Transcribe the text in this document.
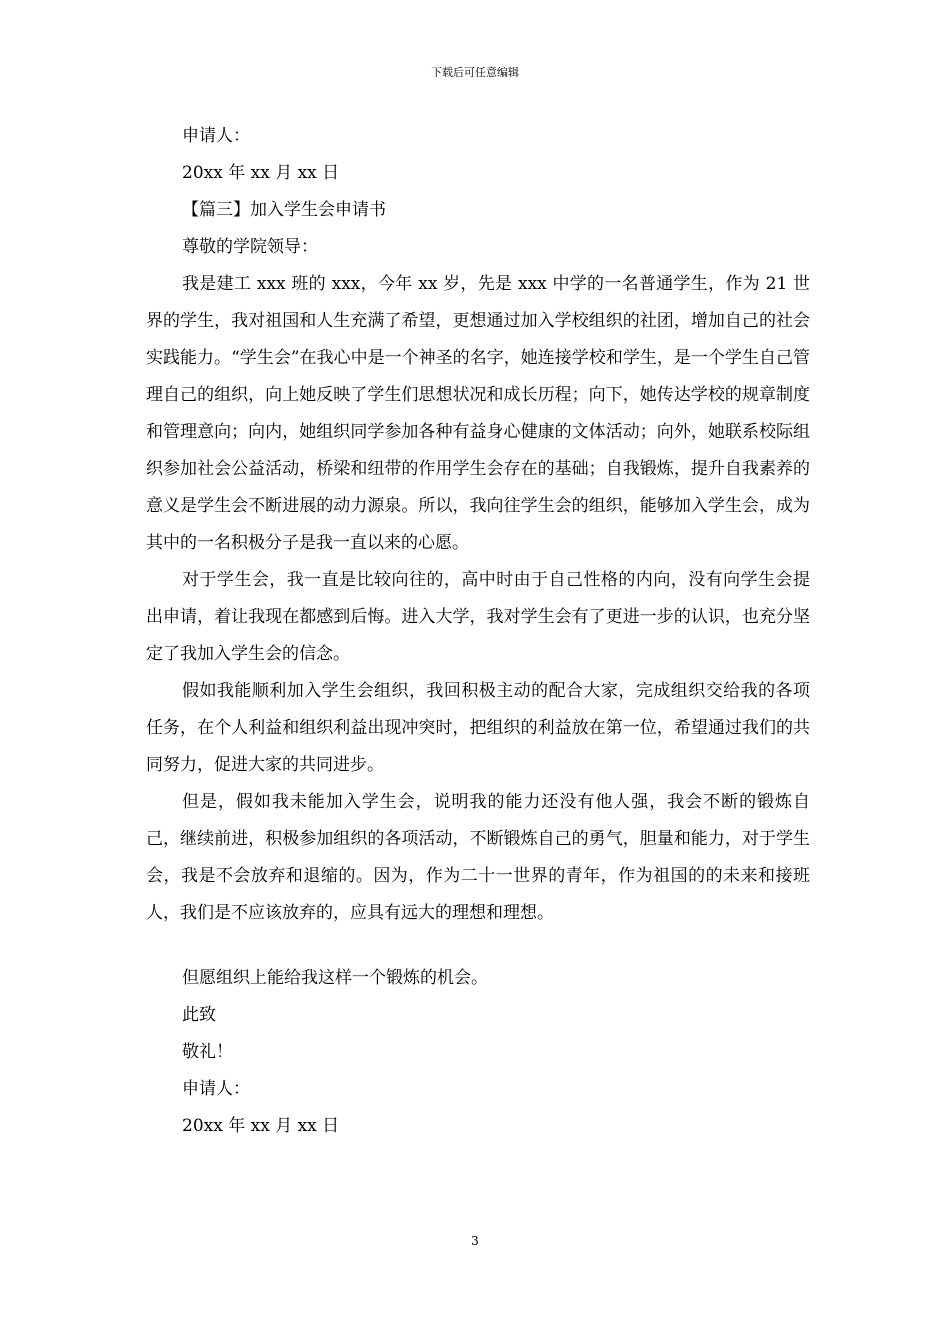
下载后可任意编辑
申请人：
20xx 年 xx 月 xx 日
【篇三】加入学生会申请书
尊敬的学院领导：

我是建工 xxx 班的 xxx，今年 xx 岁，先是 xxx 中学的一名普通学生，作为 21 世界的学生，我对祖国和人生充满了希望，更想通过加入学校组织的社团，增加自己的社会实践能力。“学生会”在我心中是一个神圣的名字，她连接学校和学生，是一个学生自己管理自己的组织，向上她反映了学生们思想状况和成长历程；向下，她传达学校的规章制度和管理意向；向内，她组织同学参加各种有益身心健康的文体活动；向外，她联系校际组织参加社会公益活动，桥梁和纽带的作用学生会存在的基础；自我锻炼，提升自我素养的意义是学生会不断进展的动力源泉。所以，我向往学生会的组织，能够加入学生会，成为其中的一名积极分子是我一直以来的心愿。

对于学生会，我一直是比较向往的，高中时由于自己性格的内向，没有向学生会提出申请，着让我现在都感到后悔。进入大学，我对学生会有了更进一步的认识，也充分坚定了我加入学生会的信念。

假如我能顺利加入学生会组织，我回积极主动的配合大家，完成组织交给我的各项任务，在个人利益和组织利益出现冲突时，把组织的利益放在第一位，希望通过我们的共同努力，促进大家的共同进步。

但是，假如我未能加入学生会，说明我的能力还没有他人强，我会不断的锻炼自己，继续前进，积极参加组织的各项活动，不断锻炼自己的勇气，胆量和能力，对于学生会，我是不会放弃和退缩的。因为，作为二十一世界的青年，作为祖国的的未来和接班人，我们是不应该放弃的，应具有远大的理想和理想。

但愿组织上能给我这样一个锻炼的机会。
此致
敬礼！
申请人：
20xx 年 xx 月 xx 日
3
